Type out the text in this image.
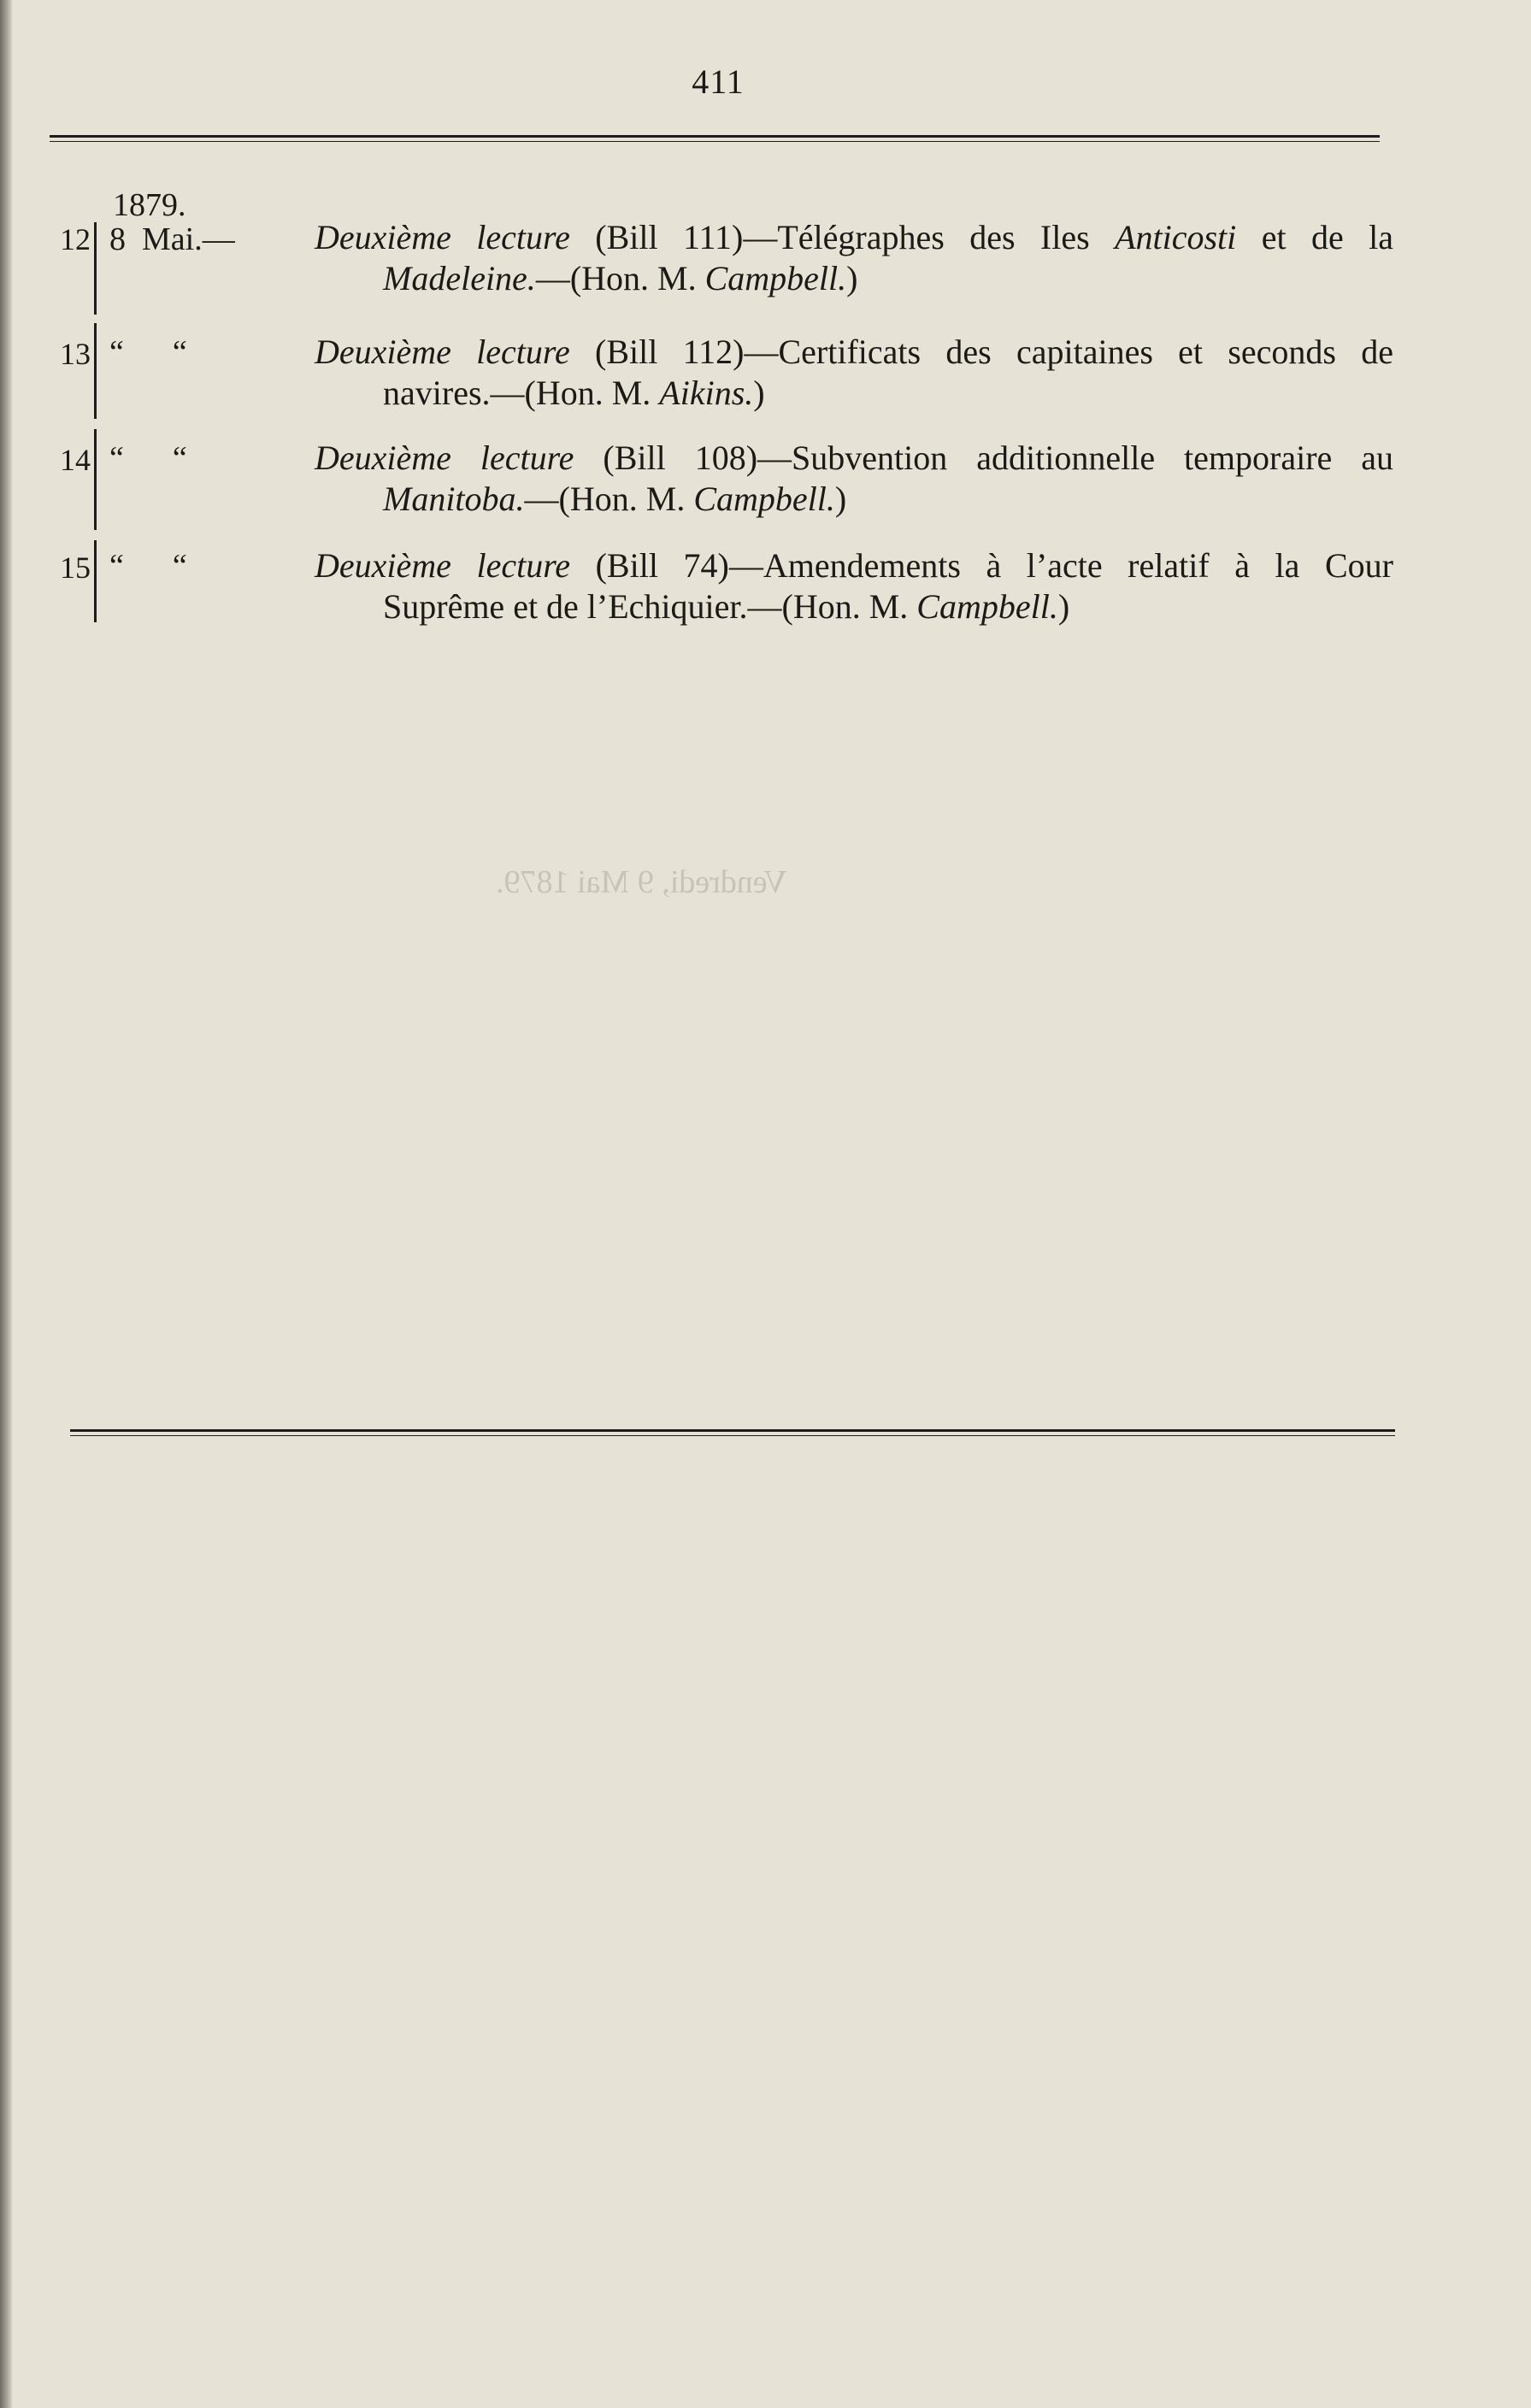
411
1879.
12 8  Mai.— Deuxième lecture (Bill 111)—Télégraphes des Iles Anticosti et de la
Madeleine.—(Hon. M. Campbell.)
13 “      “	Deuxième lecture (Bill 112)—Certificats des capitaines et seconds de
navires.—(Hon. M. Aikins.)
14 “      “	Deuxième lecture (Bill 108)—Subvention additionnelle temporaire au
Manitoba.—(Hon. M. Campbell.)
15 “      “	Deuxième lecture (Bill 74)—Amendements à l’acte relatif à la Cour
Suprême et de l’Echiquier.—(Hon. M. Campbell.)
Vendredi, 9 Mai 1879.
